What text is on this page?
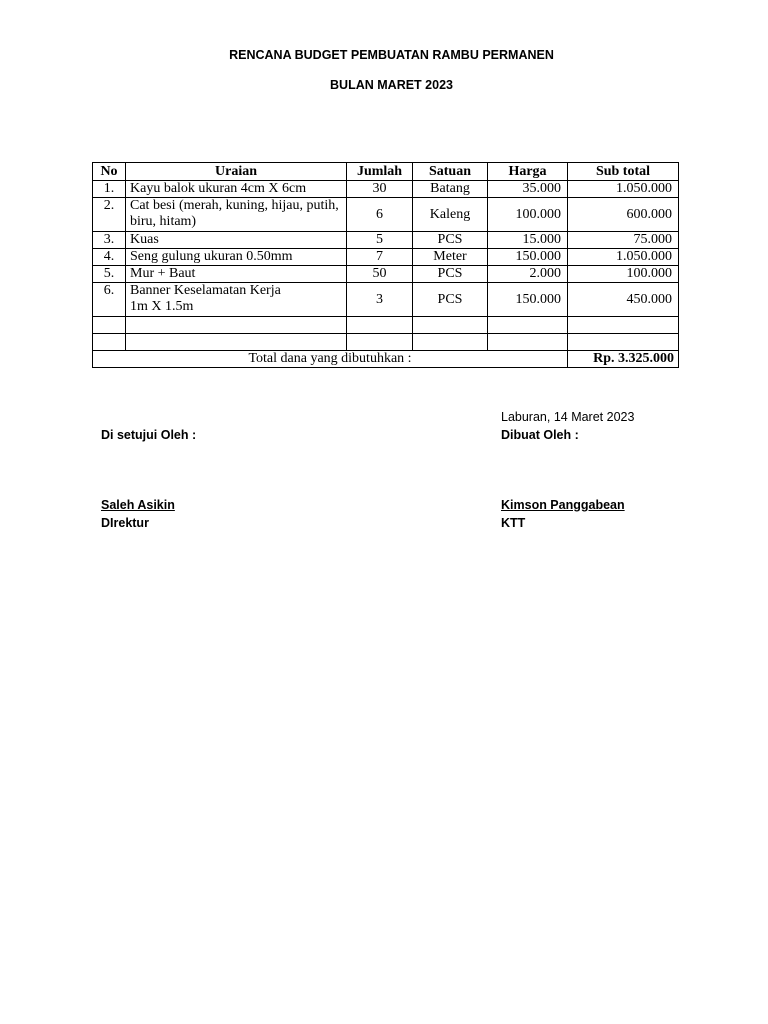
RENCANA BUDGET PEMBUATAN RAMBU PERMANEN
BULAN MARET 2023
No	Uraian	Jumlah	Satuan	Harga	Sub total
1.	Kayu balok ukuran 4cm X 6cm	30	Batang	35.000	1.050.000
2.	Cat besi (merah, kuning, hijau, putih, biru, hitam)	6	Kaleng	100.000	600.000
3.	Kuas	5	PCS	15.000	75.000
4.	Seng gulung ukuran 0.50mm	7	Meter	150.000	1.050.000
5.	Mur + Baut	50	PCS	2.000	100.000
6.	Banner Keselamatan Kerja
1m X 1.5m	3	PCS	150.000	450.000

Total dana yang dibutuhkan :					Rp. 3.325.000
Laburan, 14 Maret 2023
Di setujui Oleh :	Dibuat Oleh :
Saleh Asikin
DIrektur
Kimson Panggabean
KTT
